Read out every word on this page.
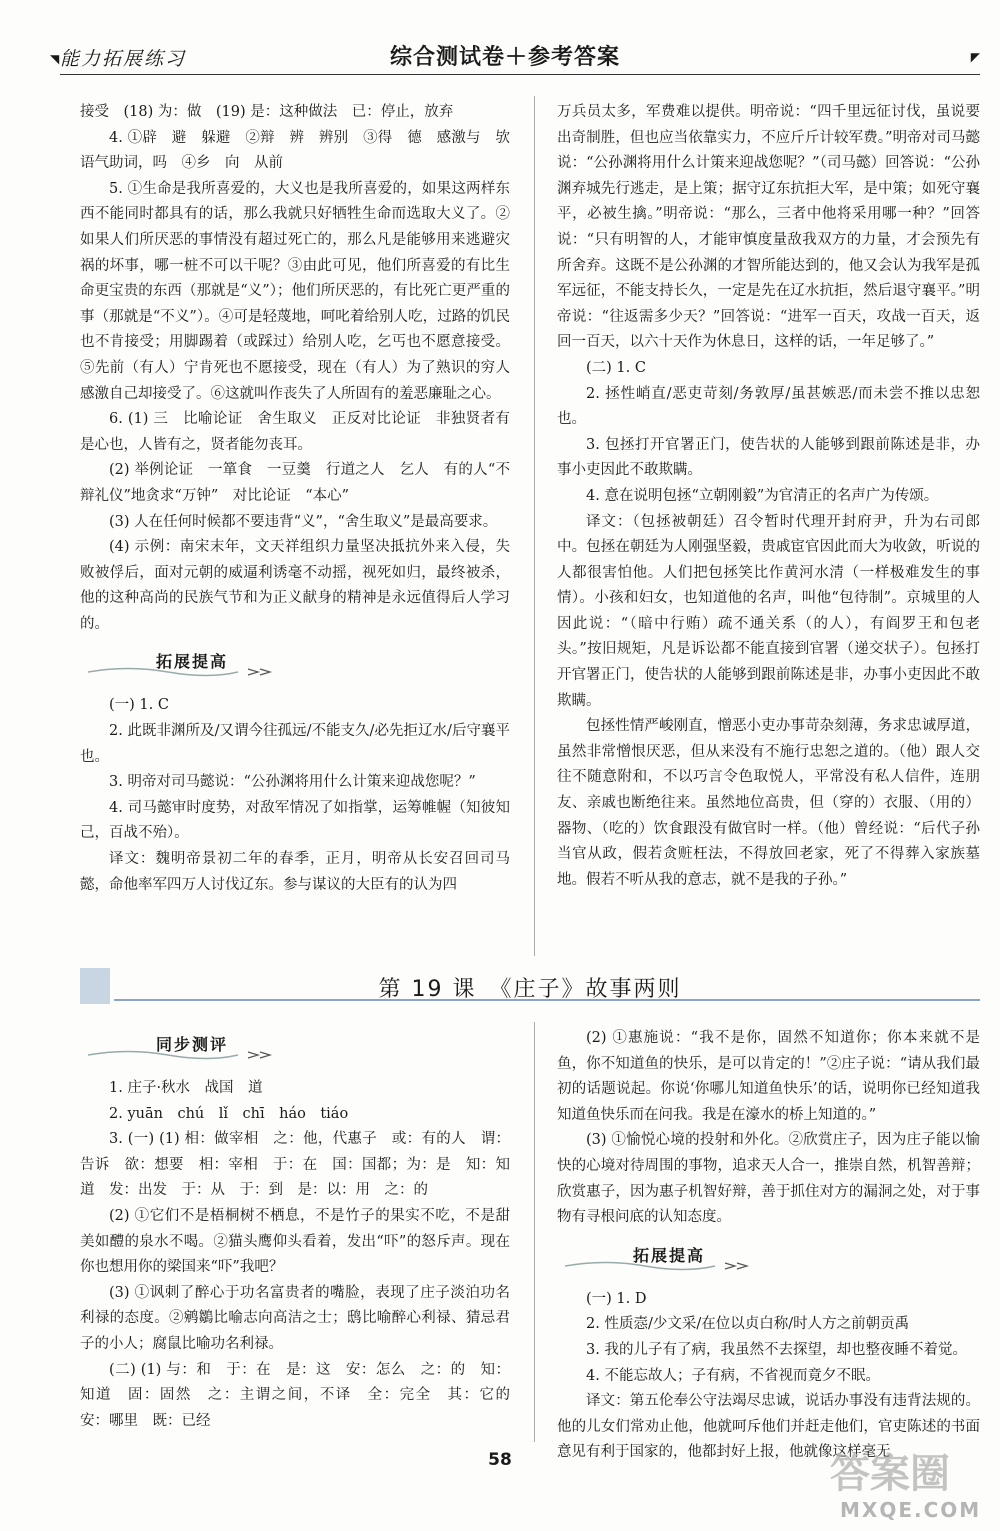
◥ 能力拓展练习	综合测试卷＋参考答案	◤

接受　(18) 为：做　(19) 是：这种做法　已：停止，放弃

4. ①辟　避　躲避　②辩　辨　辨别　③得　德　感激与　欤　语气助词，吗　④乡　向　从前

5. ①生命是我所喜爱的，大义也是我所喜爱的，如果这两样东西不能同时都具有的话，那么我就只好牺牲生命而选取大义了。②如果人们所厌恶的事情没有超过死亡的，那么凡是能够用来逃避灾祸的坏事，哪一桩不可以干呢？③由此可见，他们所喜爱的有比生命更宝贵的东西（那就是“义”）；他们所厌恶的，有比死亡更严重的事（那就是“不义”）。④可是轻蔑地，呵叱着给别人吃，过路的饥民也不肯接受；用脚踢着（或踩过）给别人吃，乞丐也不愿意接受。⑤先前（有人）宁肯死也不愿接受，现在（有人）为了熟识的穷人感激自己却接受了。⑥这就叫作丧失了人所固有的羞恶廉耻之心。

6. (1) 三　比喻论证　舍生取义　正反对比论证　非独贤者有是心也，人皆有之，贤者能勿丧耳。

(2) 举例论证　一箪食　一豆羹　行道之人　乞人　有的人“不辩礼仪”地贪求“万钟”　对比论证　“本心”

(3) 人在任何时候都不要违背“义”，“舍生取义”是最高要求。

(4) 示例：南宋末年，文天祥组织力量坚决抵抗外来入侵，失败被俘后，面对元朝的威逼利诱毫不动摇，视死如归，最终被杀，他的这种高尚的民族气节和为正义献身的精神是永远值得后人学习的。

拓展提高

(一) 1. C

2. 此既非渊所及/又谓今往孤远/不能支久/必先拒辽水/后守襄平也。

3. 明帝对司马懿说：“公孙渊将用什么计策来迎战您呢？”

4. 司马懿审时度势，对敌军情况了如指掌，运筹帷幄（知彼知己，百战不殆）。

译文：魏明帝景初二年的春季，正月，明帝从长安召回司马懿，命他率军四万人讨伐辽东。参与谋议的大臣有的认为四

万兵员太多，军费难以提供。明帝说：“四千里远征讨伐，虽说要出奇制胜，但也应当依靠实力，不应斤斤计较军费。”明帝对司马懿说：“公孙渊将用什么计策来迎战您呢？”（司马懿）回答说：“公孙渊弃城先行逃走，是上策；据守辽东抗拒大军，是中策；如死守襄平，必被生擒。”明帝说：“那么，三者中他将采用哪一种？”回答说：“只有明智的人，才能审慎度量敌我双方的力量，才会预先有所舍弃。这既不是公孙渊的才智所能达到的，他又会认为我军是孤军远征，不能支持长久，一定是先在辽水抗拒，然后退守襄平。”明帝说：“往返需多少天？”回答说：“进军一百天，攻战一百天，返回一百天，以六十天作为休息日，这样的话，一年足够了。”

(二) 1. C

2. 拯性峭直/恶吏苛刻/务敦厚/虽甚嫉恶/而未尝不推以忠恕也。

3. 包拯打开官署正门，使告状的人能够到跟前陈述是非，办事小吏因此不敢欺瞒。

4. 意在说明包拯“立朝刚毅”为官清正的名声广为传颂。

译文：（包拯被朝廷）召令暂时代理开封府尹，升为右司郎中。包拯在朝廷为人刚强坚毅，贵戚宦官因此而大为收敛，听说的人都很害怕他。人们把包拯笑比作黄河水清（一样极难发生的事情）。小孩和妇女，也知道他的名声，叫他“包待制”。京城里的人因此说：“（暗中行贿）疏不通关系（的人），有阎罗王和包老头。”按旧规矩，凡是诉讼都不能直接到官署（递交状子）。包拯打开官署正门，使告状的人能够到跟前陈述是非，办事小吏因此不敢欺瞒。

包拯性情严峻刚直，憎恶小吏办事苛杂刻薄，务求忠诚厚道，虽然非常憎恨厌恶，但从来没有不施行忠恕之道的。（他）跟人交往不随意附和，不以巧言令色取悦人，平常没有私人信件，连朋友、亲戚也断绝往来。虽然地位高贵，但（穿的）衣服、（用的）器物、（吃的）饮食跟没有做官时一样。（他）曾经说：“后代子孙当官从政，假若贪赃枉法，不得放回老家，死了不得葬入家族墓地。假若不听从我的意志，就不是我的子孙。”

第 19 课　《庄子》故事两则
同步测评

1. 庄子·秋水　战国　道

2. yuān　chú　lǐ　chī　háo　tiáo

3. (一) (1) 相：做宰相　之：他，代惠子　或：有的人　谓：告诉　欲：想要　相：宰相　于：在　国：国都；为：是　知：知道　发：出发　于：从　于：到　是：以：用　之：的

(2) ①它们不是梧桐树不栖息，不是竹子的果实不吃，不是甜美如醴的泉水不喝。②猫头鹰仰头看着，发出“吓”的怒斥声。现在你也想用你的梁国来“吓”我吧？

(3) ①讽刺了醉心于功名富贵者的嘴脸，表现了庄子淡泊功名利禄的态度。②鹓鶵比喻志向高洁之士；鸱比喻醉心利禄、猜忌君子的小人；腐鼠比喻功名利禄。

(二) (1) 与：和　于：在　是：这　安：怎么　之：的　知：知道　固：固然　之：主谓之间，不译　全：完全　其：它的　安：哪里　既：已经

(2) ①惠施说：“我不是你，固然不知道你；你本来就不是鱼，你不知道鱼的快乐，是可以肯定的！”②庄子说：“请从我们最初的话题说起。你说‘你哪儿知道鱼快乐’的话，说明你已经知道我知道鱼快乐而在问我。我是在濠水的桥上知道的。”

(3) ①愉悦心境的投射和外化。②欣赏庄子，因为庄子能以愉快的心境对待周围的事物，追求天人合一，推崇自然，机智善辩；欣赏惠子，因为惠子机智好辩，善于抓住对方的漏洞之处，对于事物有寻根问底的认知态度。

拓展提高

(一) 1. D

2. 性质悫/少文采/在位以贞白称/时人方之前朝贡禹

3. 我的儿子有了病，我虽然不去探望，却也整夜睡不着觉。

4. 不能忘故人；子有病，不省视而竟夕不眠。

译文：第五伦奉公守法竭尽忠诚，说话办事没有违背法规的。他的儿女们常劝止他，他就呵斥他们并赶走他们，官吏陈述的书面意见有利于国家的，他都封好上报，他就像这样毫无

58	答案圈
MXQE.COM
